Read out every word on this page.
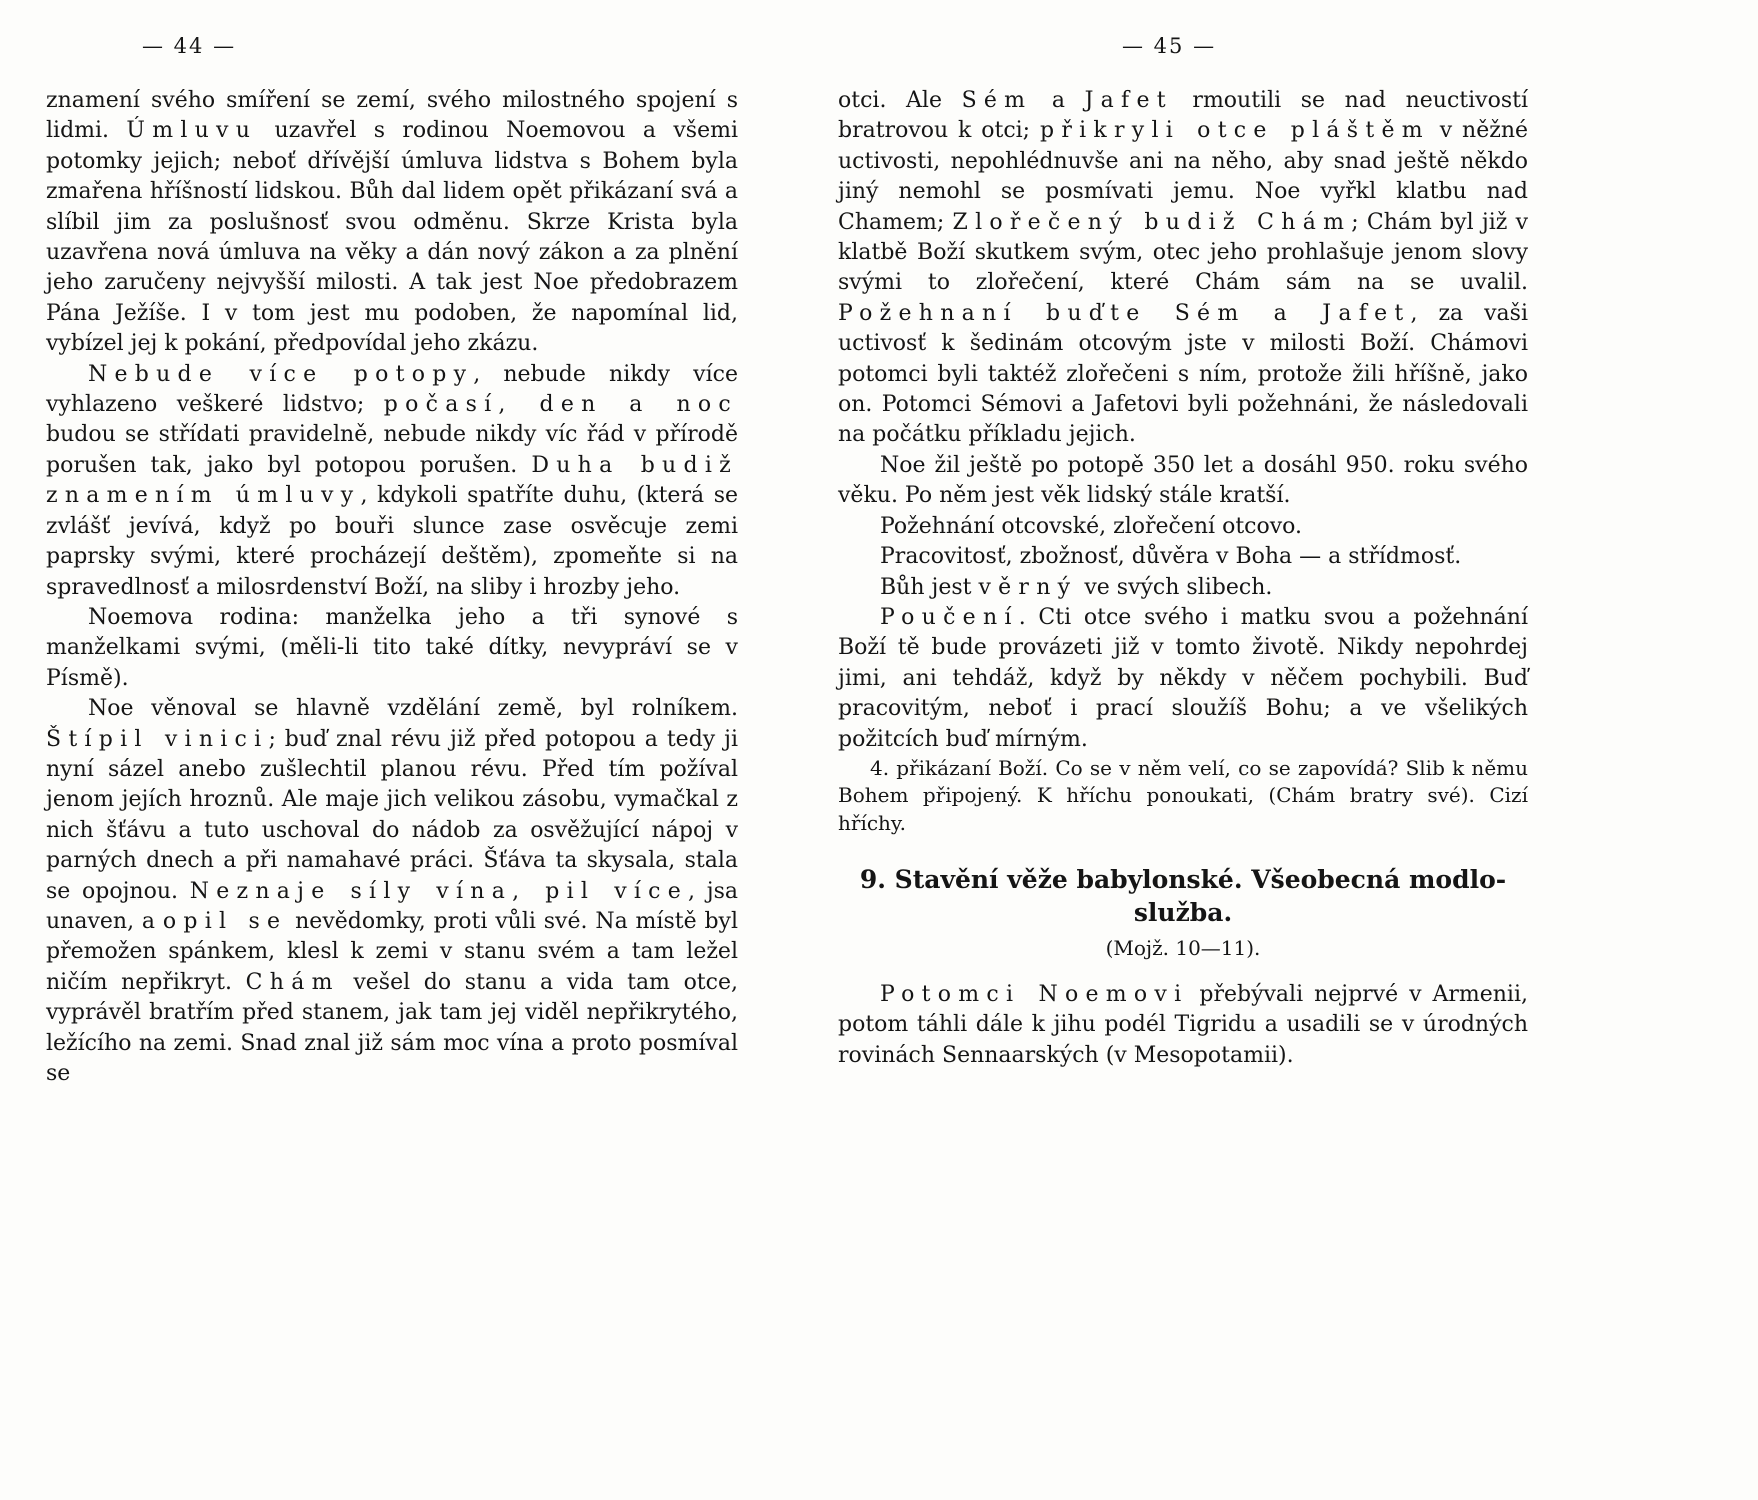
— 44 —

znamení svého smíření se zemí, svého milostného spojení s lidmi. Úmluvu uzavřel s rodinou Noemovou a všemi potomky jejich; neboť dřívější úmluva lidstva s Bohem byla zmařena hříšností lidskou. Bůh dal lidem opět přikázaní svá a slíbil jim za poslušnosť svou odměnu. Skrze Krista byla uzavřena nová úmluva na věky a dán nový zákon a za plnění jeho zaručeny nejvyšší milosti. A tak jest Noe předobrazem Pána Ježíše. I v tom jest mu podoben, že napomínal lid, vybízel jej k pokání, předpovídal jeho zkázu.

Nebude více potopy, nebude nikdy více vyhlazeno veškeré lidstvo; počasí, den a noc budou se střídati pravidelně, nebude nikdy víc řád v přírodě porušen tak, jako byl potopou porušen. Duha budiž znamením úmluvy, kdykoli spatříte duhu, (která se zvlášť jevívá, když po bouři slunce zase osvěcuje zemi paprsky svými, které procházejí deštěm), zpomeňte si na spravedlnosť a milosrdenství Boží, na sliby i hrozby jeho.

Noemova rodina: manželka jeho a tři synové s manželkami svými, (měli-li tito také dítky, nevypráví se v Písmě).

Noe věnoval se hlavně vzdělání země, byl rolníkem. Štípil vinici; buď znal révu již před potopou a tedy ji nyní sázel anebo zušlechtil planou révu. Před tím požíval jenom jejích hroznů. Ale maje jich velikou zásobu, vymačkal z nich šťávu a tuto uschoval do nádob za osvěžující nápoj v parných dnech a při namahavé práci. Šťáva ta skysala, stala se opojnou. Neznaje síly vína, pil více, jsa unaven, a opil se nevědomky, proti vůli své. Na místě byl přemožen spánkem, klesl k zemi v stanu svém a tam ležel ničím nepřikryt. Chám vešel do stanu a vida tam otce, vyprávěl bratřím před stanem, jak tam jej viděl nepřikrytého, ležícího na zemi. Snad znal již sám moc vína a proto posmíval se

— 45 —

otci. Ale Sém a Jafet rmoutili se nad neuctivostí bratrovou k otci; přikryli otce pláštěm v něžné uctivosti, nepohlédnuvše ani na něho, aby snad ještě někdo jiný nemohl se posmívati jemu. Noe vyřkl klatbu nad Chamem; Zlořečený budiž Chám; Chám byl již v klatbě Boží skutkem svým, otec jeho prohlašuje jenom slovy svými to zlořečení, které Chám sám na se uvalil. Požehnaní buďte Sém a Jafet, za vaši uctivosť k šedinám otcovým jste v milosti Boží. Chámovi potomci byli taktéž zlořečeni s ním, protože žili hříšně, jako on. Potomci Sémovi a Jafetovi byli požehnáni, že následovali na počátku příkladu jejich.

Noe žil ještě po potopě 350 let a dosáhl 950. roku svého věku. Po něm jest věk lidský stále kratší.

Požehnání otcovské, zlořečení otcovo.

Pracovitosť, zbožnosť, důvěra v Boha — a střídmosť.

Bůh jest věrný ve svých slibech.

Poučení. Cti otce svého i matku svou a požehnání Boží tě bude provázeti již v tomto životě. Nikdy nepohrdej jimi, ani tehdáž, když by někdy v něčem pochybili. Buď pracovitým, neboť i prací sloužíš Bohu; a ve všelikých požitcích buď mírným.

4. přikázaní Boží. Co se v něm velí, co se zapovídá? Slib k němu Bohem připojený. K hříchu ponoukati, (Chám bratry své). Cizí hříchy.

9. Stavění věže babylonské. Všeobecná modlo-
služba.

(Mojž. 10—11).

Potomci Noemovi přebývali nejprvé v Armenii, potom táhli dále k jihu podél Tigridu a usadili se v úrodných rovinách Sennaarských (v Mesopotamii).
